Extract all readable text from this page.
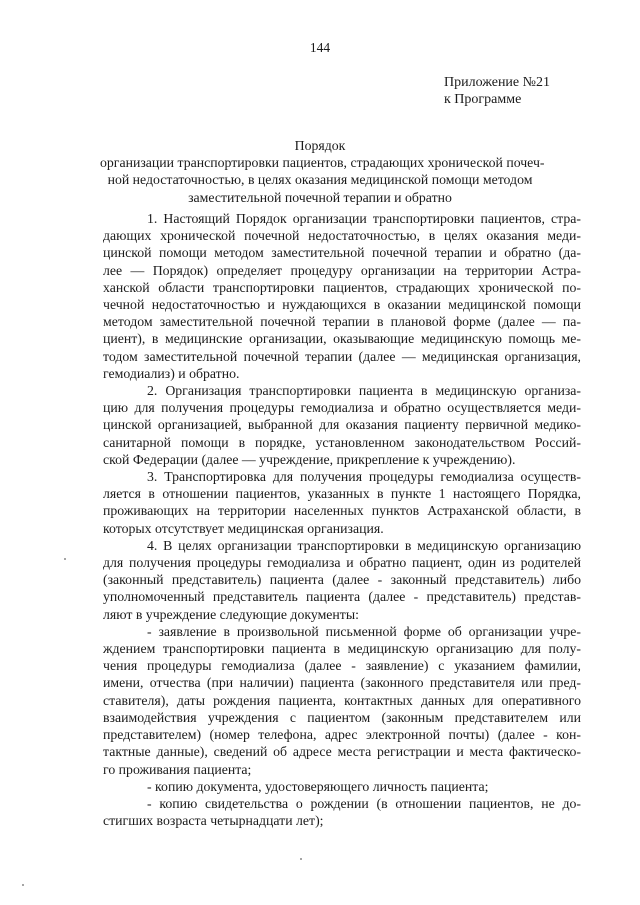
144
Приложение №21
к Программе
Порядок
организации транспортировки пациентов, страдающих хронической почеч-
ной недостаточностью, в целях оказания медицинской помощи методом
заместительной почечной терапии и обратно
1. Настоящий Порядок организации транспортировки пациентов, стра-
дающих хронической почечной недостаточностью, в целях оказания меди-
цинской помощи методом заместительной почечной терапии и обратно (да-
лее — Порядок) определяет процедуру организации на территории Астра-
ханской области транспортировки пациентов, страдающих хронической по-
чечной недостаточностью и нуждающихся в оказании медицинской помощи
методом заместительной почечной терапии в плановой форме (далее — па-
циент), в медицинские организации, оказывающие медицинскую помощь ме-
тодом заместительной почечной терапии (далее — медицинская организация,
гемодиализ) и обратно.
2. Организация транспортировки пациента в медицинскую организа-
цию для получения процедуры гемодиализа и обратно осуществляется меди-
цинской организацией, выбранной для оказания пациенту первичной медико-
санитарной помощи в порядке, установленном законодательством Россий-
ской Федерации (далее — учреждение, прикрепление к учреждению).
3. Транспортировка для получения процедуры гемодиализа осуществ-
ляется в отношении пациентов, указанных в пункте 1 настоящего Порядка,
проживающих на территории населенных пунктов Астраханской области, в
которых отсутствует медицинская организация.
4. В целях организации транспортировки в медицинскую организацию
для получения процедуры гемодиализа и обратно пациент, один из родителей
(законный представитель) пациента (далее - законный представитель) либо
уполномоченный представитель пациента (далее - представитель) представ-
ляют в учреждение следующие документы:
- заявление в произвольной письменной форме об организации учре-
ждением транспортировки пациента в медицинскую организацию для полу-
чения процедуры гемодиализа (далее - заявление) с указанием фамилии,
имени, отчества (при наличии) пациента (законного представителя или пред-
ставителя), даты рождения пациента, контактных данных для оперативного
взаимодействия учреждения с пациентом (законным представителем или
представителем) (номер телефона, адрес электронной почты) (далее - кон-
тактные данные), сведений об адресе места регистрации и места фактическо-
го проживания пациента;
- копию документа, удостоверяющего личность пациента;
- копию свидетельства о рождении (в отношении пациентов, не до-
стигших возраста четырнадцати лет);
